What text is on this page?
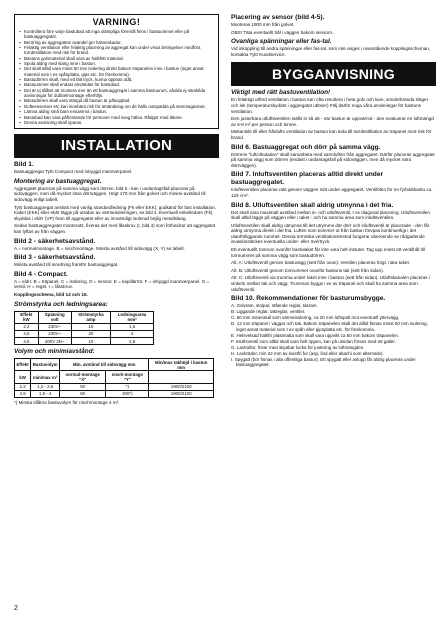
VARNING!
▪ Kontrollera före varje bastubad att inga olämpliga föremål finns i bastuummet eller på bastuaggregatet.
▪ Beröring av aggregatets ovandel ger brännskador.
▪ Felaktig ventilation eller felaktig placering av aggregat kan under vissa betingelser medföra torrdestillation med risk för brand.
▪ Bastuns golvmaterial skall vara av halkfritt material.
▪ Spola aldrig med slang inne i bastun.
▪ Det skall alltid vara minst 50 mm isolering direkt bakom träpanelen inne i bastun (inget annat material som t ex spånplatta, gips etc. för förekomma).
▪ Bastudörren skall, med ett lätt tryck, kunna öppnas utåt.
▪ Bastuummet skall endast användas för bastubad.
▪ Det är ej tillåtet att montera mer än ett bastuaggregat i samma bastuurum, såvida ej särskilda anvisningar för dubbelmontage efterföljs.
▪ Bastudörren skall vara stängd då bastun är påkopplad.
▪ Dofteessenser etc kan innebära risk för antändning om de hälls outspädda på stenmagasinet.
▪ Lämna aldrig små barn ensamma i bastun.
▪ Bastubad kan vara påfrestande för personer med svag hälsa. Rådgör med läkare.
▪ Denna anvisning skall sparas.
INSTALLATION
Bild 1.

Bastuaggregat Tylö Compact med inbyggd manöverpanel.

Montering av bastuaggregat.

Aggregatet placeras på samma vägg som dörren, bild 6 - kan i undantagsfall placeras på sidoväggen, men då mycket nära dörrväggen. Högt 170 mm från golvet och minimi-avstånd till sidovägg enligt tabell.

Tylö bastuaggregat ansluts med vanlig standardledning (Fk eller EKK), godkänd för fast installation. Kabel (EKK) eller eldrr läggs på utsidan av värmeisoleringen, se bild 4. Eventuell enkelledare (Fk) skyddas i eldrr (VP) fram till aggregatet eller av innvändigt isolerad böjlig metallslang.

Sedan bastuaggregatet monterats, fixeras det med låsskruv (I, bild 4) som förhindrar att aggregatet kan lyftas av från väggen.

Bild 2 - säkerhetsavstånd.

A = normalmontage. B = nischmontage. Minsta avstånd till sidovägg (X, Y) se tabell.

Bild 3 - säkerhetsavstånd.

Minsta avstånd till inredning framför bastuaggregat.

Bild 4 - Compact.

A = eldrr. B = träpanel. C = isolering. D = sensor. E = kapillärrör. F = inbyggd manöverpanel. G = ventil. H = regel. I = låsskruv.

Kopplingsschema, bild 14 och 16.

Strömstyrka och ledningsarea:
Effekt kW	Spänning volt	Strömstyrka amp	Ledningsarea mm²
2,2	230V~	10	1,5
4,5	230V~	20	4
4,5	400V 2N~	10	1,5
Volym och minimiavstånd:
Effekt	Bastuvolym	Min. avstånd till sidovägg mm		Min/max takhöjd i bastun mm
kW	min/max m³	normal-montage "X"	nisch-montage "Y"	
2,2	1,2 - 2,5	50	*)	1900/2100
4,5	1,5 - 4	50	200*)	1900/2100

*) Minsta tillåtna bastuvolym för nischmontage 4 m³.

Placering av sensor (bild 4-5).

Monteras 1900 mm från golvet.

OBS! Täta eventuellt hål i väggen bakom sensorn.

Ovanliga spänningar eller fas-tal.

Vid inkoppling till andra spänningar eller fas-tal, som inte anges i ovanstående kopplingsscheman, kontakta Tylö Kundservice.

BYGGANVISNING
Viktigt med rätt bastuventilation!

En felaktigt utförd ventilation i bastun kan ofta resultera i heta golv och lave, sönderbrända släger och lek (temperaturskyddet i aggregatet utlöser) Följ därför noga våra anvisningar för bastuns ventilation.

Den justerbara utluftsventilen ställs in så att - när bastun är uppvärmd - den evakuerar en luftmängd av 6-8 m³ per person och timme.

Mekaniskt till eller frånlufts ventilation av bastun kan leda till torrdestillation av träpanel med risk för brand.

Bild 6. Bastuaggregat och dörr på samma vägg.

Dörrens "luftcirkulation" skall samarbeta med varmluften från aggregatet. Därför placeras aggregatet på samma vägg som dörren (endast i undantagsfall på sidoväggen, men då mycket nära dörrväggen).

Bild 7. Inluftsventilen placeras alltid direkt under bastuaggregatet.

Inluftsventilen placeras rakt genom väggen mitt under aggregatet. Ventilöten för en fyrbalsbastu ca. 125 cm².

Bild 8. Utluftsventilen skall aldrig utmynna i det fria.

Det skall vara maximalt avstånd mellan in- och utluftsventil, t ex diagonal placering. Utluftsventilen skall alltid läggs på väggen eller i taket - och ha samma area som inluftsventilen.

Utluftsventilen skall aldrig utmynna till det utrymme där dörr och inluftsventil är placerade - den får aldrig utmynna direkt i det fria. Luften som kommer ut från bastun förvpas kontinuerligt i det utanförliggande rummet. Denna termiska ventilationsmetod fungerar oberoende av rådgadende isvaskinsläckes eventuella under- eller övertryck.

Ett eventuellt tomrum ovanför bastutaket får inte vara helt instutet. Tag upp minst ett ventilhål till tomrummet på samma vägg som bastudörren.

Alt. A: Utluftsventil genom bastuvägg (sett från ovan). Ventilen placeras högt, nära taket.

Alt. B: Utluftsventil genom tomrummet ovanför bastuns tak (sett från sidan).

Alt. C: Utluftsventil via trumma under taket inne i bastun (sett från sidan). Utluftskanalen placeras i vinkeln mellan tak och vägg. Trumman byggs i ex av träpanel och skall ha samma area som utluftsventil.

Bild 10. Rekommendationer för basturumsbygge.
A. Golvram, stolpar, stående reglar, takram.
B. Liggande reglar, takreglar, ventiler.
C. 50 mm mineralull som värmeisolering, ca 20 mm luftspalt mot eventuell yttervägg.
D. 12 mm träpanel i väggar och tak. Bakom träpanelen skall det alltid finnas minst 50 mm isolering, inget annat material som t ex spån eller gipsplatta etc. för förekomma.
E. Helsvetsad halkfri plastmatta som skall vara uppvikt ca 50 mm bakom träpanelen.
F. Inluftsventil som alltid skall vara helt öppen, kan på utsidan förses med ett galler.
G. Lavtrallor, friser med skjutbar lucka för justering av luftmängden.
H. Lavbräder, min 22 mm av kvistfri fur (asp, lind eller abachi som alternativ).
I. Spygatt (bör finnas i alla offentliga bastur). Ett spygatt eller avlopp får aldrig placeras under bastuaggregatet.
2
